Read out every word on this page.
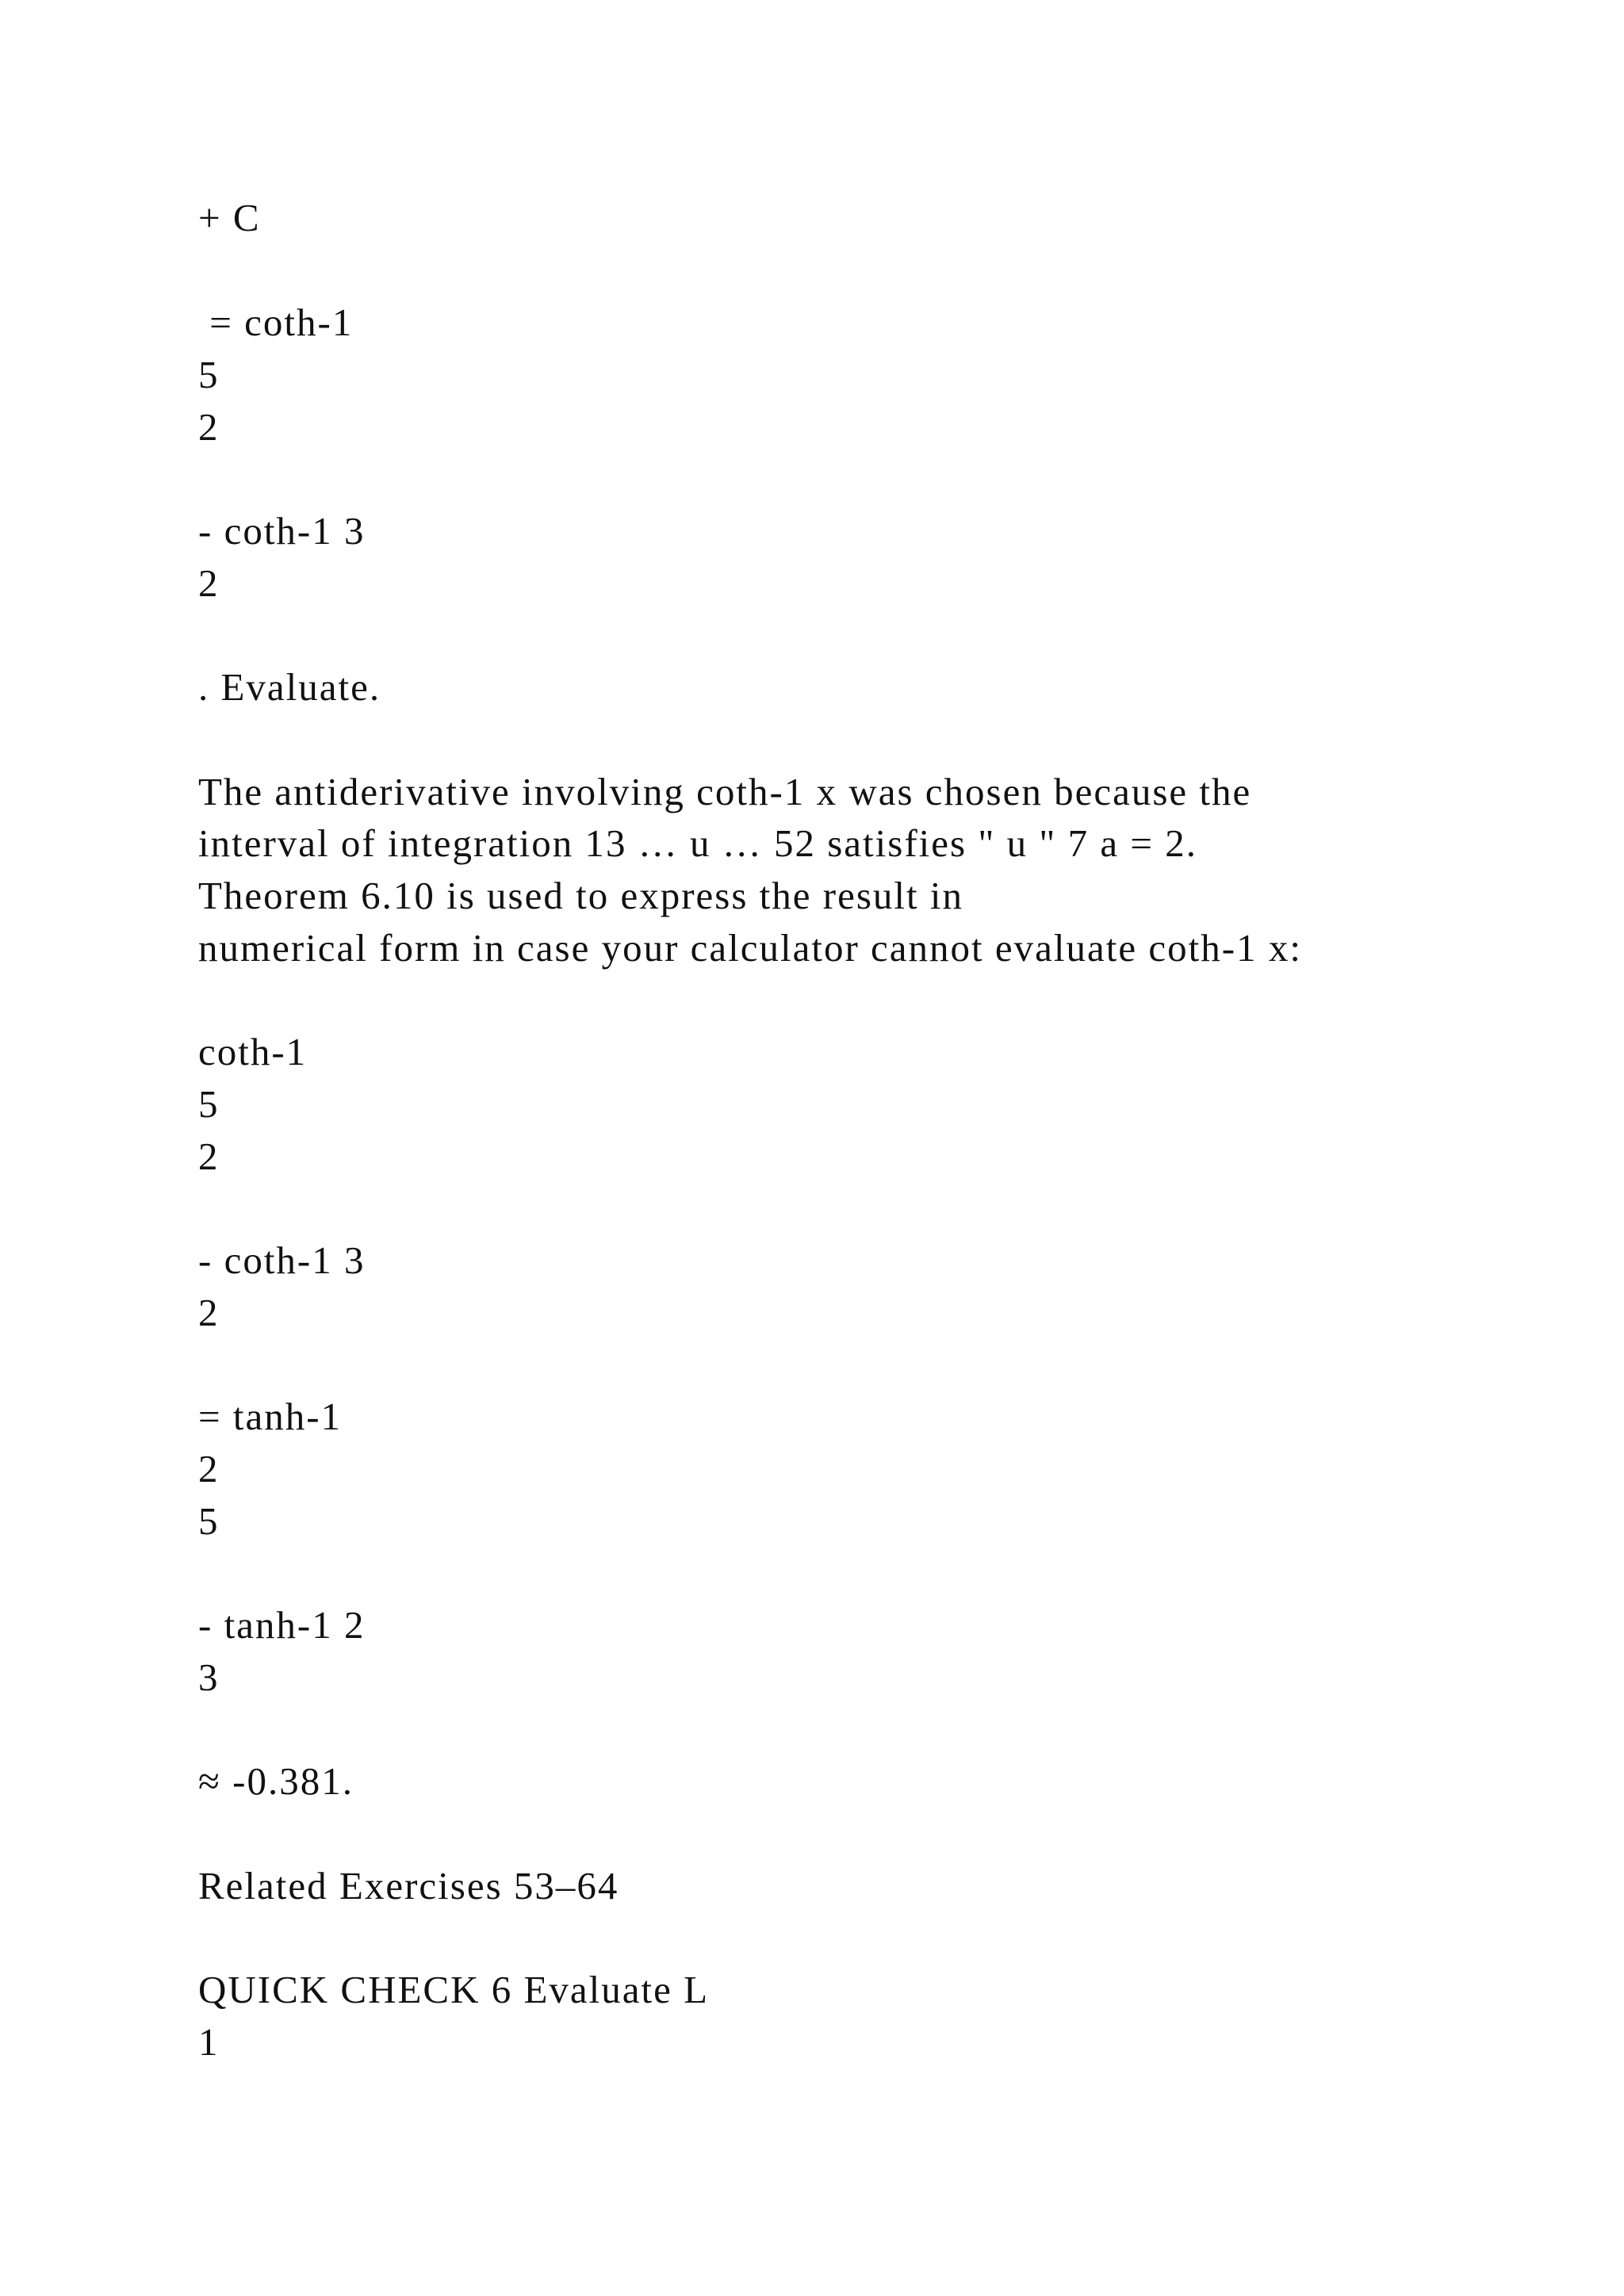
+ C
= coth-1
5
2
- coth-1 3
2
. Evaluate.
The antiderivative involving coth-1 x was chosen because the
interval of integration 13 … u … 52 satisfies " u " 7 a = 2.
Theorem 6.10 is used to express the result in
numerical form in case your calculator cannot evaluate coth-1 x:
coth-1
5
2
- coth-1 3
2
= tanh-1
2
5
- tanh-1 2
3
≈ -0.381.
Related Exercises 53–64
QUICK CHECK 6 Evaluate L
1
